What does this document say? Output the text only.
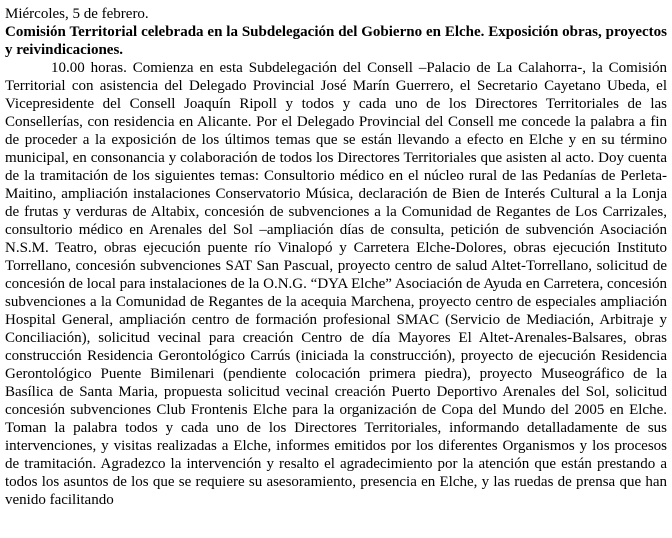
Miércoles, 5 de febrero.

Comisión Territorial celebrada en la Subdelegación del Gobierno en Elche. Exposición obras, proyectos y reivindicaciones.

10.00 horas. Comienza en esta Subdelegación del Consell –Palacio de La Calahorra-, la Comisión Territorial con asistencia del Delegado Provincial José Marín Guerrero, el Secretario Cayetano Ubeda, el Vicepresidente del Consell Joaquín Ripoll y todos y cada uno de los Directores Territoriales de las Consellerías, con residencia en Alicante. Por el Delegado Provincial del Consell me concede la palabra a fin de proceder a la exposición de los últimos temas que se están llevando a efecto en Elche y en su término municipal, en consonancia y colaboración de todos los Directores Territoriales que asisten al acto. Doy cuenta de la tramitación de los siguientes temas: Consultorio médico en el núcleo rural de las Pedanías de Perleta-Maitino, ampliación instalaciones Conservatorio Música, declaración de Bien de Interés Cultural a la Lonja de frutas y verduras de Altabix, concesión de subvenciones a la Comunidad de Regantes de Los Carrizales, consultorio médico en Arenales del Sol –ampliación días de consulta, petición de subvención Asociación N.S.M. Teatro, obras ejecución puente río Vinalopó y Carretera Elche-Dolores, obras ejecución Instituto Torrellano, concesión subvenciones SAT San Pascual, proyecto centro de salud Altet-Torrellano, solicitud de concesión de local para instalaciones de la O.N.G. “DYA Elche” Asociación de Ayuda en Carretera, concesión subvenciones a la Comunidad de Regantes de la acequia Marchena, proyecto centro de especiales ampliación Hospital General, ampliación centro de formación profesional SMAC (Servicio de Mediación, Arbitraje y Conciliación), solicitud vecinal para creación Centro de día Mayores El Altet-Arenales-Balsares, obras construcción Residencia Gerontológico Carrús (iniciada la construcción), proyecto de ejecución Residencia Gerontológico Puente Bimilenari (pendiente colocación primera piedra), proyecto Museográfico de la Basílica de Santa Maria, propuesta solicitud vecinal creación Puerto Deportivo Arenales del Sol, solicitud concesión subvenciones Club Frontenis Elche para la organización de Copa del Mundo del 2005 en Elche. Toman la palabra todos y cada uno de los Directores Territoriales, informando detalladamente de sus intervenciones, y visitas realizadas a Elche, informes emitidos por los diferentes Organismos y los procesos de tramitación. Agradezco la intervención y resalto el agradecimiento por la atención que están prestando a todos los asuntos de los que se requiere su asesoramiento, presencia en Elche, y las ruedas de prensa que han venido facilitando
